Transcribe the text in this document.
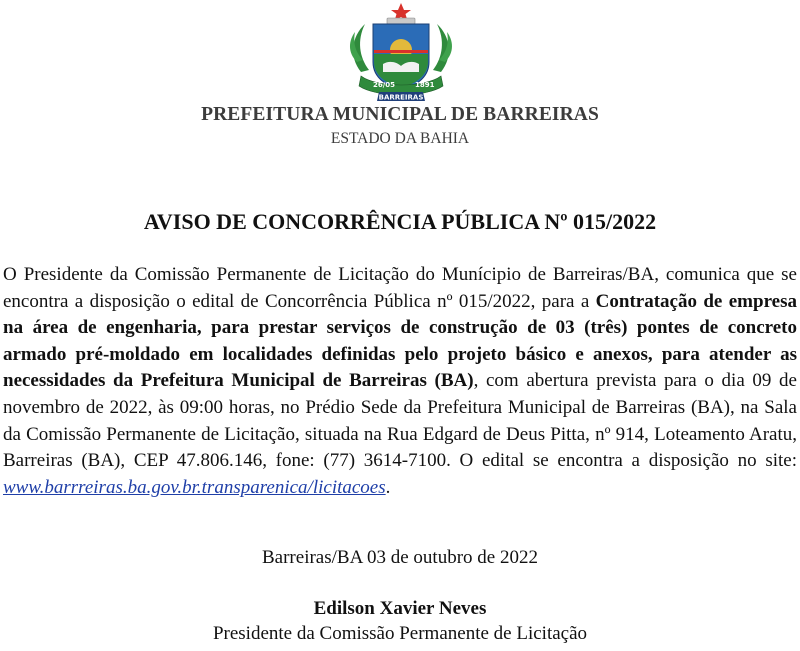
26/05	1891
BARREIRAS
PREFEITURA MUNICIPAL DE BARREIRAS
ESTADO DA BAHIA
AVISO DE CONCORRÊNCIA PÚBLICA Nº 015/2022

O Presidente da Comissão Permanente de Licitação do Munícipio de Barreiras/BA, comunica que se encontra a disposição o edital de Concorrência Pública nº 015/2022, para a Contratação de empresa na área de engenharia, para prestar serviços de construção de 03 (três) pontes de concreto armado pré-moldado em localidades definidas pelo projeto básico e anexos, para atender as necessidades da Prefeitura Municipal de Barreiras (BA), com abertura prevista para o dia 09 de novembro de 2022, às 09:00 horas, no Prédio Sede da Prefeitura Municipal de Barreiras (BA), na Sala da Comissão Permanente de Licitação, situada na Rua Edgard de Deus Pitta, nº 914, Loteamento Aratu, Barreiras (BA), CEP 47.806.146, fone: (77) 3614-7100. O edital se encontra a disposição no site: www.barrreiras.ba.gov.br.transparenica/licitacoes.

Barreiras/BA 03 de outubro de 2022
Edilson Xavier Neves
Presidente da Comissão Permanente de Licitação
